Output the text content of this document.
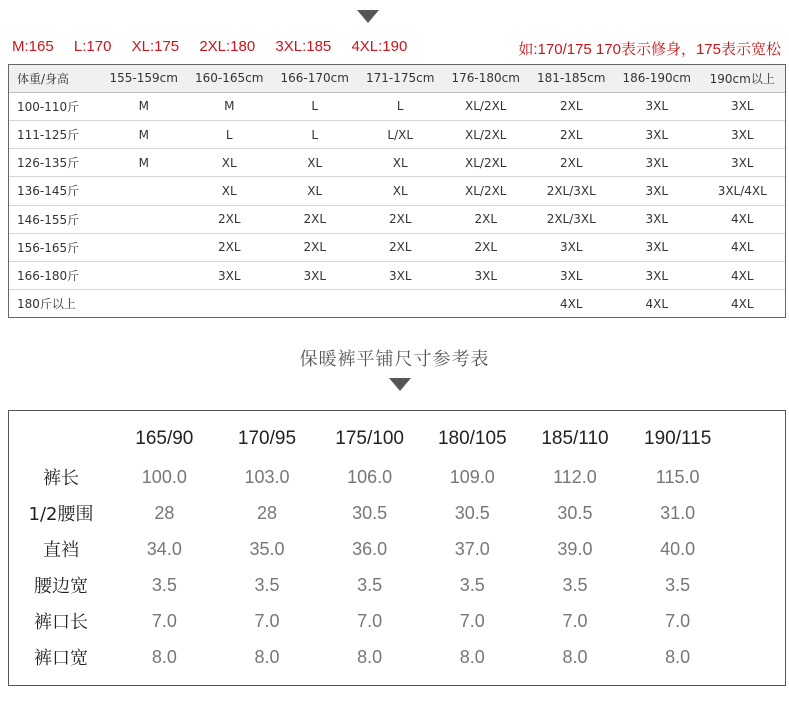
M:165 L:170 XL:175 2XL:180 3XL:185 4XL:190	如:170/175 170表示修身，175表示宽松
体重/身高	155-159cm	160-165cm	166-170cm	171-175cm	176-180cm	181-185cm	186-190cm	190cm以上
100-110斤	M	M	L	L	XL/2XL	2XL	3XL	3XL
111-125斤	M	L	L	L/XL	XL/2XL	2XL	3XL	3XL
126-135斤	M	XL	XL	XL	XL/2XL	2XL	3XL	3XL
136-145斤		XL	XL	XL	XL/2XL	2XL/3XL	3XL	3XL/4XL
146-155斤		2XL	2XL	2XL	2XL	2XL/3XL	3XL	4XL
156-165斤		2XL	2XL	2XL	2XL	3XL	3XL	4XL
166-180斤		3XL	3XL	3XL	3XL	3XL	3XL	4XL
180斤以上						4XL	4XL	4XL
保暖裤平铺尺寸参考表
	165/90	170/95	175/100	180/105	185/110	190/115
裤长	100.0	103.0	106.0	109.0	112.0	115.0
1/2腰围	28	28	30.5	30.5	30.5	31.0
直裆	34.0	35.0	36.0	37.0	39.0	40.0
腰边宽	3.5	3.5	3.5	3.5	3.5	3.5
裤口长	7.0	7.0	7.0	7.0	7.0	7.0
裤口宽	8.0	8.0	8.0	8.0	8.0	8.0
